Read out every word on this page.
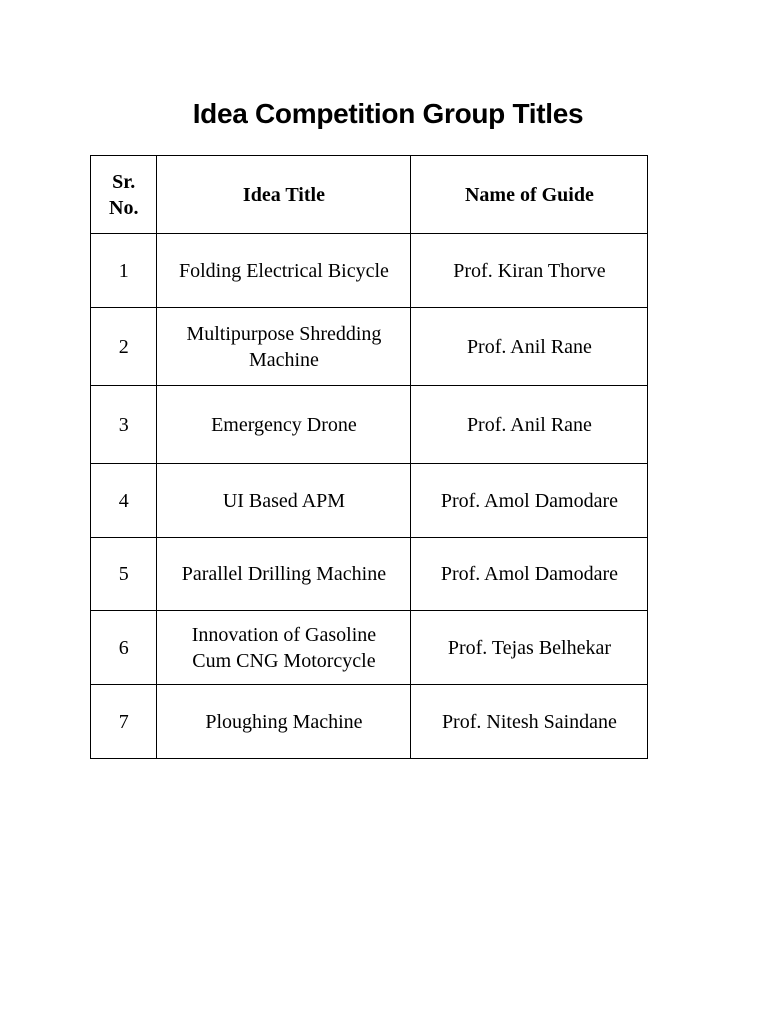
Idea Competition Group Titles
Sr. No.	Idea Title	Name of Guide
1	Folding Electrical Bicycle	Prof. Kiran Thorve
2	Multipurpose Shredding Machine	Prof. Anil Rane
3	Emergency Drone	Prof. Anil Rane
4	UI Based APM	Prof. Amol Damodare
5	Parallel Drilling Machine	Prof. Amol Damodare
6	Innovation of Gasoline Cum CNG Motorcycle	Prof. Tejas Belhekar
7	Ploughing Machine	Prof. Nitesh Saindane
